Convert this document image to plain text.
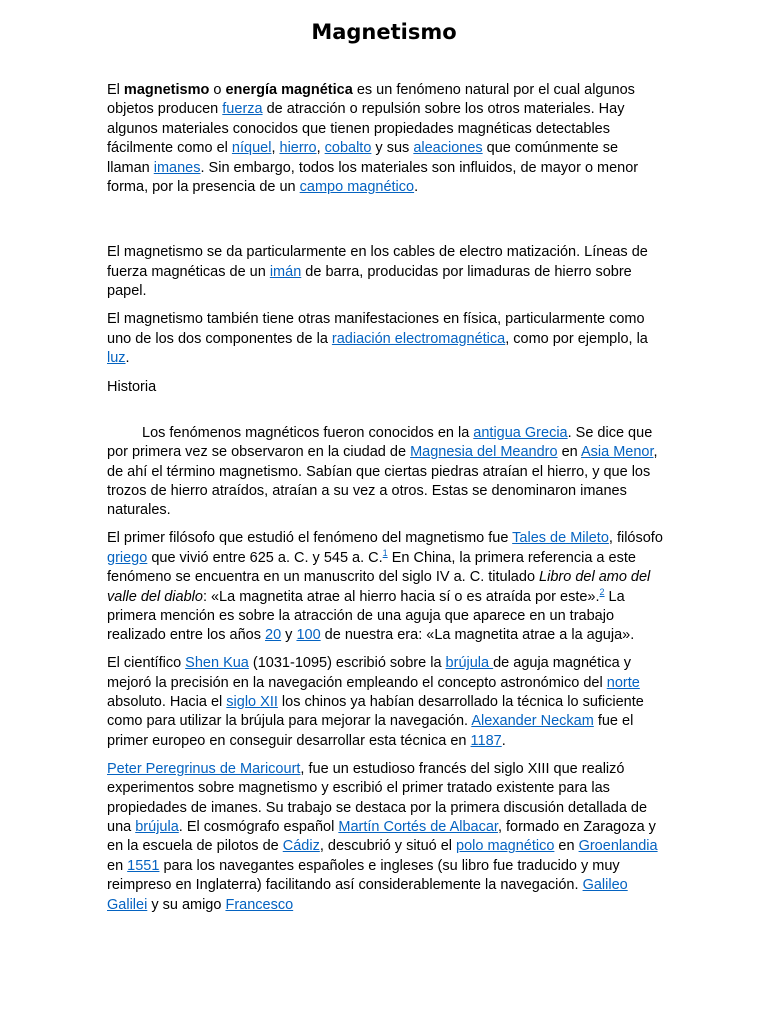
Magnetismo

El magnetismo o energía magnética es un fenómeno natural por el cual algunos objetos producen fuerza de atracción o repulsión sobre los otros materiales. Hay algunos materiales conocidos que tienen propiedades magnéticas detectables fácilmente como el níquel, hierro, cobalto y sus aleaciones que comúnmente se llaman imanes. Sin embargo, todos los materiales son influidos, de mayor o menor forma, por la presencia de un campo magnético.

El magnetismo se da particularmente en los cables de electro matización. Líneas de fuerza magnéticas de un imán de barra, producidas por limaduras de hierro sobre papel.

El magnetismo también tiene otras manifestaciones en física, particularmente como uno de los dos componentes de la radiación electromagnética, como por ejemplo, la luz.

Historia

Los fenómenos magnéticos fueron conocidos en la antigua Grecia. Se dice que por primera vez se observaron en la ciudad de Magnesia del Meandro en Asia Menor, de ahí el término magnetismo. Sabían que ciertas piedras atraían el hierro, y que los trozos de hierro atraídos, atraían a su vez a otros. Estas se denominaron imanes naturales.

El primer filósofo que estudió el fenómeno del magnetismo fue Tales de Mileto, filósofo griego que vivió entre 625 a. C. y 545 a. C.$^1$ En China, la primera referencia a este fenómeno se encuentra en un manuscrito del siglo IV a. C. titulado Libro del amo del valle del diablo: «La magnetita atrae al hierro hacia sí o es atraída por este».$^2$ La primera mención es sobre la atracción de una aguja que aparece en un trabajo realizado entre los años 20 y 100 de nuestra era: «La magnetita atrae a la aguja».

El científico Shen Kua (1031-1095) escribió sobre la brújula de aguja magnética y mejoró la precisión en la navegación empleando el concepto astronómico del norte absoluto. Hacia el siglo XII los chinos ya habían desarrollado la técnica lo suficiente como para utilizar la brújula para mejorar la navegación. Alexander Neckam fue el primer europeo en conseguir desarrollar esta técnica en 1187.

Peter Peregrinus de Maricourt, fue un estudioso francés del siglo XIII que realizó experimentos sobre magnetismo y escribió el primer tratado existente para las propiedades de imanes. Su trabajo se destaca por la primera discusión detallada de una brújula. El cosmógrafo español Martín Cortés de Albacar, formado en Zaragoza y en la escuela de pilotos de Cádiz, descubrió y situó el polo magnético en Groenlandia en 1551 para los navegantes españoles e ingleses (su libro fue traducido y muy reimpreso en Inglaterra) facilitando así considerablemente la navegación. Galileo Galilei y su amigo Francesco
